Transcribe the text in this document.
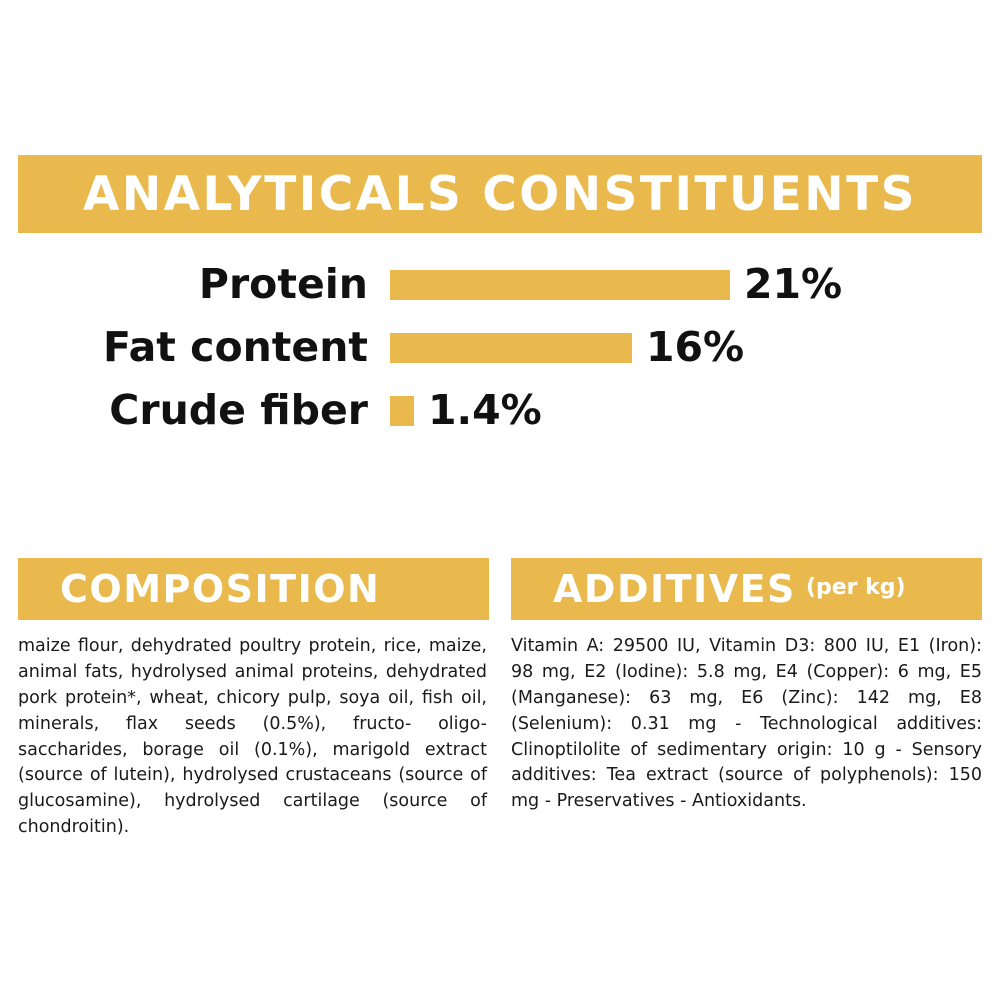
ANALYTICALS CONSTITUENTS
Protein	21%
Fat content	16%
Crude fiber	1.4%
COMPOSITION

maize flour, dehydrated poultry protein, rice, maize, animal fats, hydrolysed animal proteins, dehydrated pork protein*, wheat, chicory pulp, soya oil, fish oil, minerals, flax seeds (0.5%), fructo- oligo-saccharides, borage oil (0.1%), marigold extract (source of lutein), hydrolysed crustaceans (source of glucosamine), hydrolysed cartilage (source of chondroitin).

ADDITIVES (per kg)

Vitamin A: 29500 IU, Vitamin D3: 800 IU, E1 (Iron): 98 mg, E2 (Iodine): 5.8 mg, E4 (Copper): 6 mg, E5 (Manganese): 63 mg, E6 (Zinc): 142 mg, E8 (Selenium): 0.31 mg - Technological additives: Clinoptilolite of sedimentary origin: 10 g - Sensory additives: Tea extract (source of polyphenols): 150 mg - Preservatives - Antioxidants.
